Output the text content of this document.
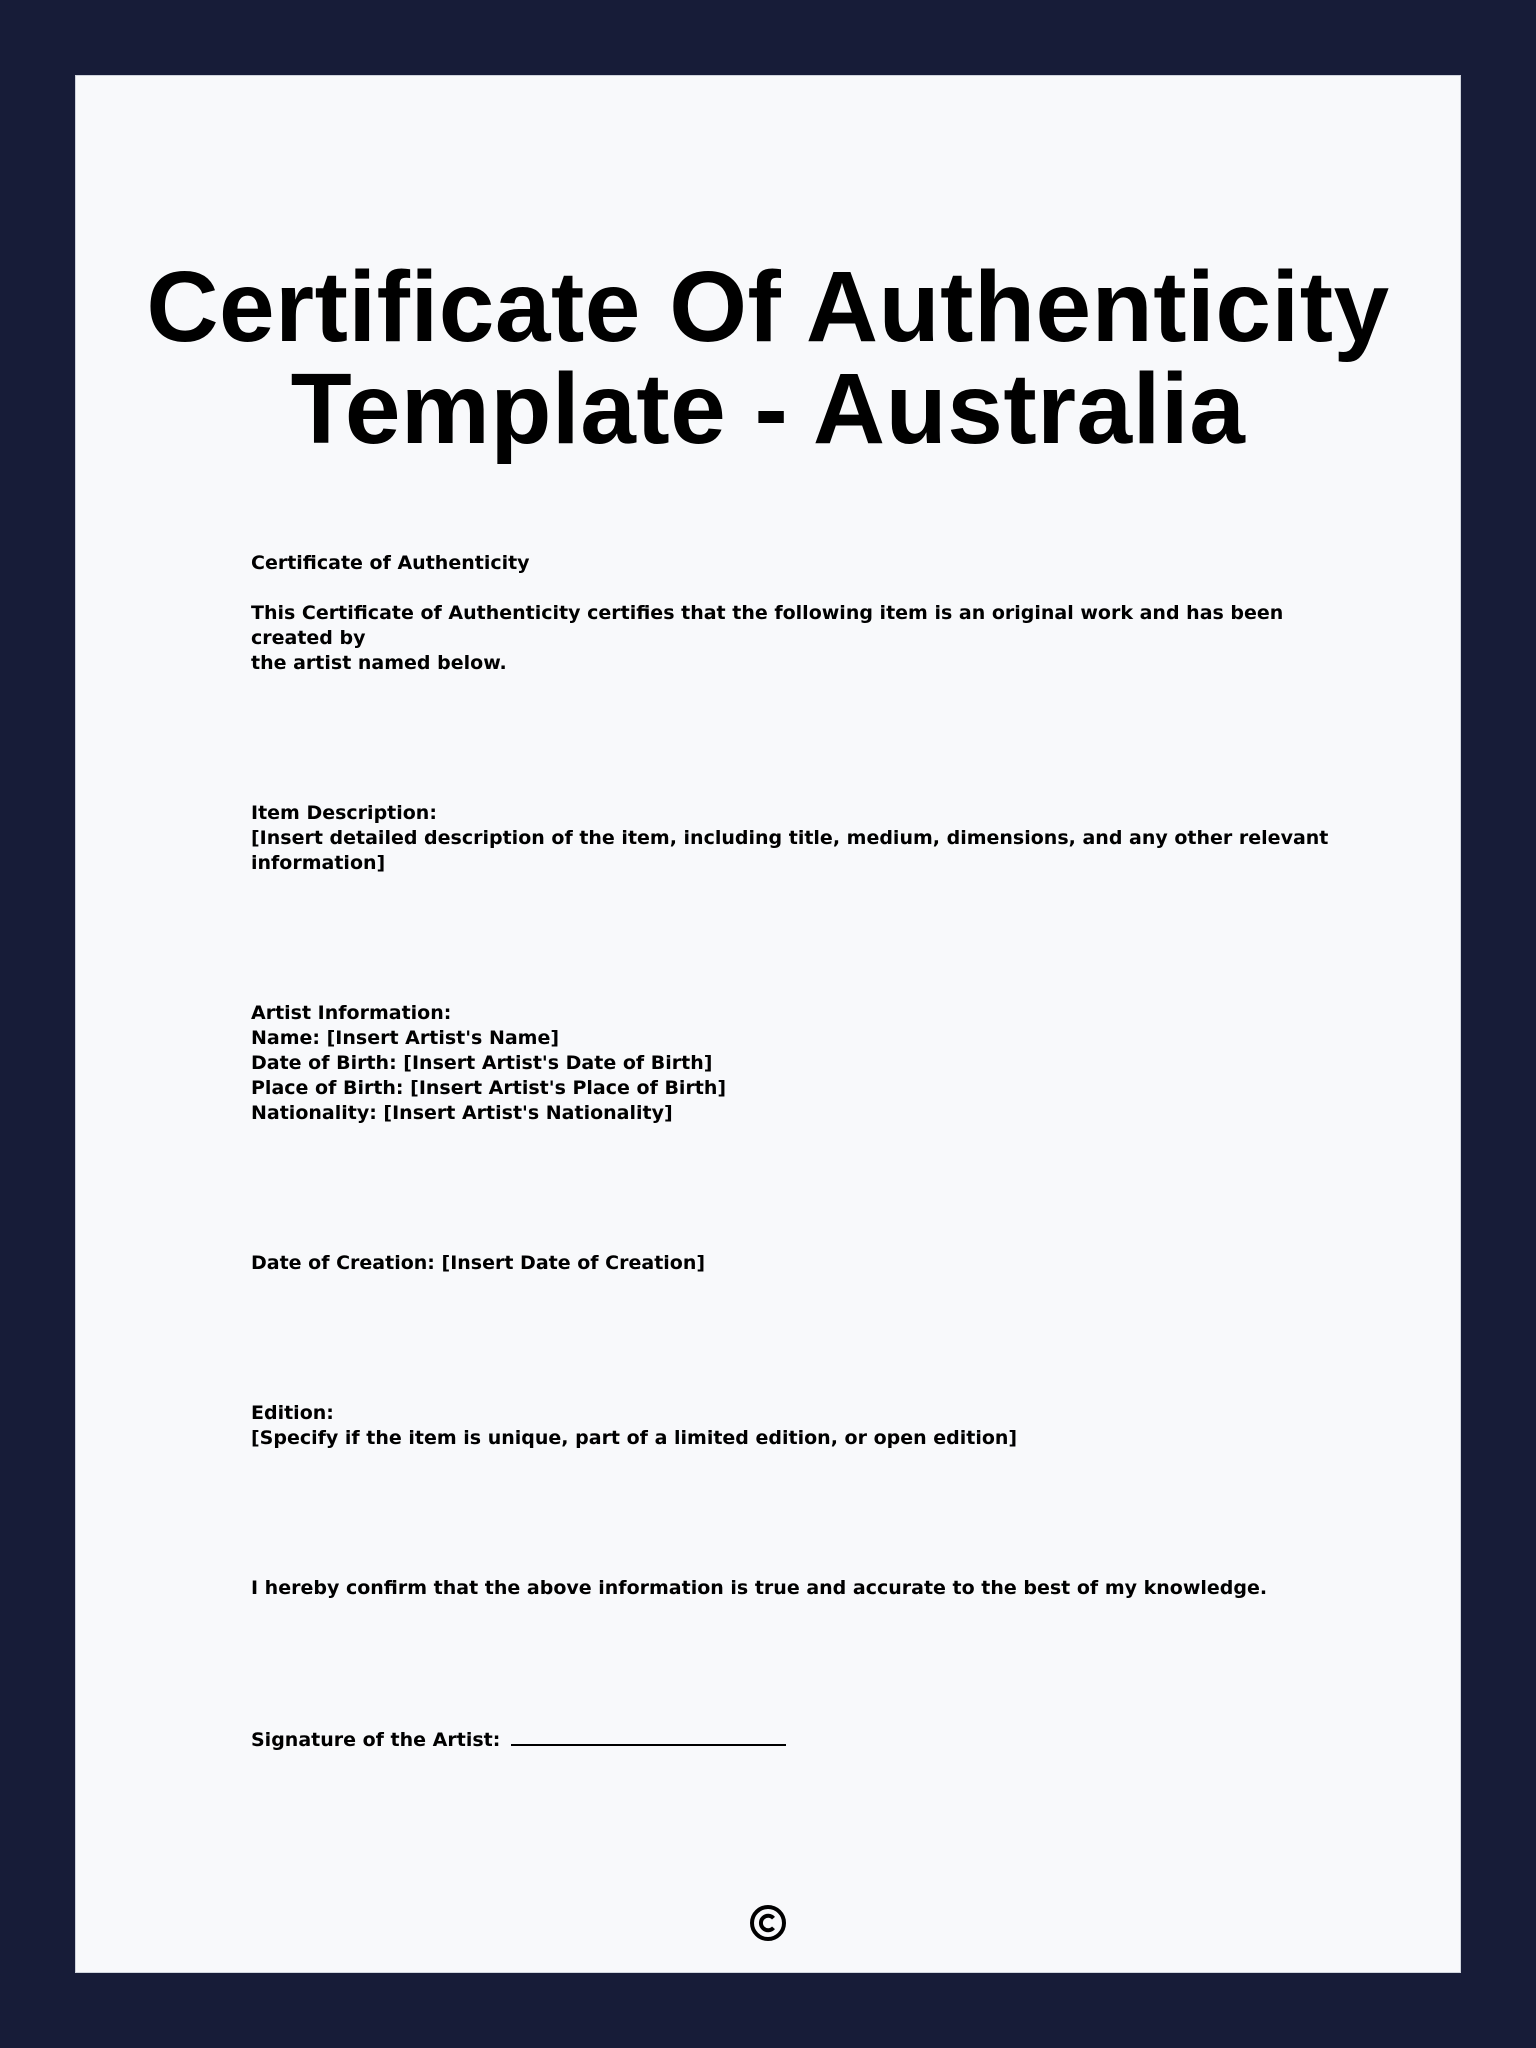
Certificate Of Authenticity
Template - Australia

Certificate of Authenticity

This Certificate of Authenticity certifies that the following item is an original work and has been created by
the artist named below.

Item Description:
[Insert detailed description of the item, including title, medium, dimensions, and any other relevant
information]

Artist Information:
Name: [Insert Artist's Name]
Date of Birth: [Insert Artist's Date of Birth]
Place of Birth: [Insert Artist's Place of Birth]
Nationality: [Insert Artist's Nationality]

Date of Creation: [Insert Date of Creation]

Edition:
[Specify if the item is unique, part of a limited edition, or open edition]

I hereby confirm that the above information is true and accurate to the best of my knowledge.

Signature of the Artist:
